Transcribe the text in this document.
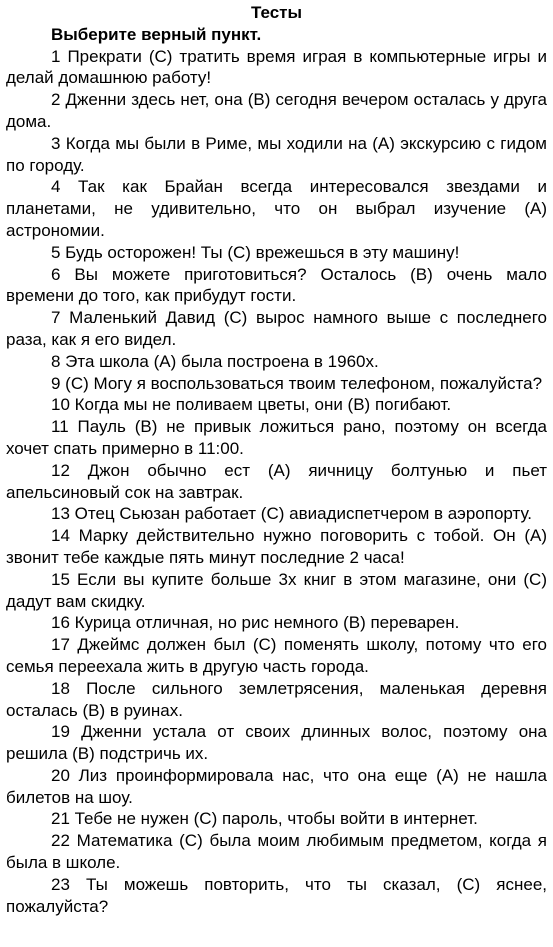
Тесты

Выберите верный пункт.

1 Прекрати (С) тратить время играя в компьютерные игры и делай домашнюю работу!

2 Дженни здесь нет, она (В) сегодня вечером осталась у друга дома.

3 Когда мы были в Риме, мы ходили на (А) экскурсию с гидом по городу.

4 Так как Брайан всегда интересовался звездами и планетами, не удивительно, что он выбрал изучение (А) астрономии.

5 Будь осторожен! Ты (С) врежешься в эту машину!

6 Вы можете приготовиться? Осталось (В) очень мало времени до того, как прибудут гости.

7 Маленький Давид (С) вырос намного выше с последнего раза, как я его видел.

8 Эта школа (А) была построена в 1960х.

9 (С) Могу я воспользоваться твоим телефоном, пожалуйста?

10 Когда мы не поливаем цветы, они (В) погибают.

11 Пауль (В) не привык ложиться рано, поэтому он всегда хочет спать примерно в 11:00.

12 Джон обычно ест (А) яичницу болтунью и пьет апельсиновый сок на завтрак.

13 Отец Сьюзан работает (С) авиадиспетчером в аэропорту.

14 Марку действительно нужно поговорить с тобой. Он (А) звонит тебе каждые пять минут последние 2 часа!

15 Если вы купите больше 3х книг в этом магазине, они (С) дадут вам скидку.

16 Курица отличная, но рис немного (В) переварен.

17 Джеймс должен был (С) поменять школу, потому что его семья переехала жить в другую часть города.

18 После сильного землетрясения, маленькая деревня осталась (В) в руинах.

19 Дженни устала от своих длинных волос, поэтому она решила (В) подстричь их.

20 Лиз проинформировала нас, что она еще (А) не нашла билетов на шоу.

21 Тебе не нужен (С) пароль, чтобы войти в интернет.

22 Математика (С) была моим любимым предметом, когда я была в школе.

23 Ты можешь повторить, что ты сказал, (С) яснее, пожалуйста?
